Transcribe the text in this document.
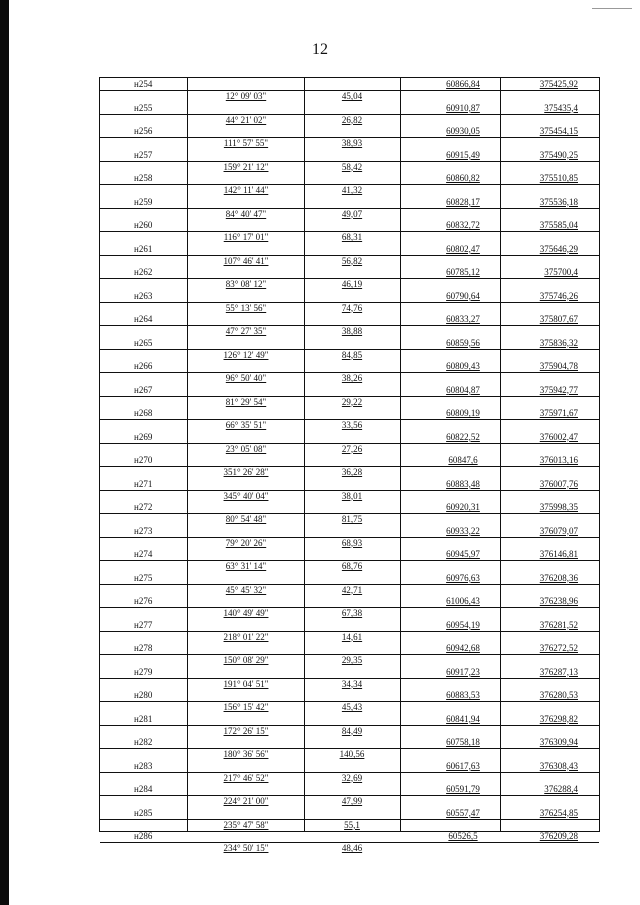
12
н254	60866,84	375425,92
12° 09' 03"	45,04
н255	60910,87	375435,4
44° 21' 02"	26,82
н256	60930,05	375454,15
111° 57' 55"	38,93
н257	60915,49	375490,25
159° 21' 12"	58,42
н258	60860,82	375510,85
142° 11' 44"	41,32
н259	60828,17	375536,18
84° 40' 47"	49,07
н260	60832,72	375585,04
116° 17' 01"	68,31
н261	60802,47	375646,29
107° 46' 41"	56,82
н262	60785,12	375700,4
83° 08' 12"	46,19
н263	60790,64	375746,26
55° 13' 56"	74,76
н264	60833,27	375807,67
47° 27' 35"	38,88
н265	60859,56	375836,32
126° 12' 49"	84,85
н266	60809,43	375904,78
96° 50' 40"	38,26
н267	60804,87	375942,77
81° 29' 54"	29,22
н268	60809,19	375971,67
66° 35' 51"	33,56
н269	60822,52	376002,47
23° 05' 08"	27,26
н270	60847,6	376013,16
351° 26' 28"	36,28
н271	60883,48	376007,76
345° 40' 04"	38,01
н272	60920,31	375998,35
80° 54' 48"	81,75
н273	60933,22	376079,07
79° 20' 26"	68,93
н274	60945,97	376146,81
63° 31' 14"	68,76
н275	60976,63	376208,36
45° 45' 32"	42,71
н276	61006,43	376238,96
140° 49' 49"	67,38
н277	60954,19	376281,52
218° 01' 22"	14,61
н278	60942,68	376272,52
150° 08' 29"	29,35
н279	60917,23	376287,13
191° 04' 51"	34,34
н280	60883,53	376280,53
156° 15' 42"	45,43
н281	60841,94	376298,82
172° 26' 15"	84,49
н282	60758,18	376309,94
180° 36' 56"	140,56
н283	60617,63	376308,43
217° 46' 52"	32,69
н284	60591,79	376288,4
224° 21' 00"	47,99
н285	60557,47	376254,85
235° 47' 58"	55,1
н286	60526,5	376209,28
234° 50' 15"	48,46
